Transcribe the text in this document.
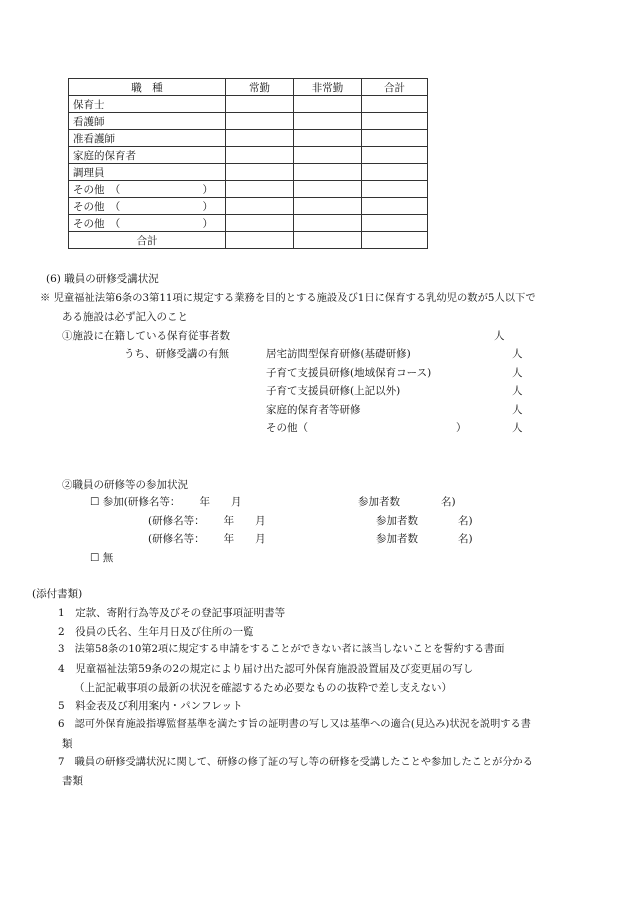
職　種	常勤	非常勤	合計
保育士			
看護師			
准看護師			
家庭的保育者			
調理員			
その他　（ ）			

その他　（ ）			

その他　（ ）			

合計			
(6) 職員の研修受講状況
※ 児童福祉法第6条の3第11項に規定する業務を目的とする施設及び1日に保育する乳幼児の数が5人以下で
ある施設は必ず記入のこと
①施設に在籍している保育従事者数	人
うち、研修受講の有無	居宅訪問型保育研修(基礎研修)	人
子育て支援員研修(地域保育コース)	人
子育て支援員研修(上記以外)	人
家庭的保育者等研修	人
その他（	）	人
②職員の研修等の参加状況
☐ 参加(研修名等：　　 年　　月	参加者数	名)
(研修名等：　　 年　　月	参加者数	名)
(研修名等：　　 年　　月	参加者数	名)
☐ 無
(添付書類)
1　 定款、寄附行為等及びその登記事項証明書等
2　 役員の氏名、生年月日及び住所の一覧
3　 法第58条の10第2項に規定する申請をすることができない者に該当しないことを誓約する書面
4　 児童福祉法第59条の2の規定により届け出た認可外保育施設設置届及び変更届の写し
（上記記載事項の最新の状況を確認するため必要なものの抜粋で差し支えない）
5　 料金表及び利用案内・パンフレット
6　 認可外保育施設指導監督基準を満たす旨の証明書の写し又は基準への適合(見込み)状況を説明する書
類
7　 職員の研修受講状況に関して、研修の修了証の写し等の研修を受講したことや参加したことが分かる
書類
